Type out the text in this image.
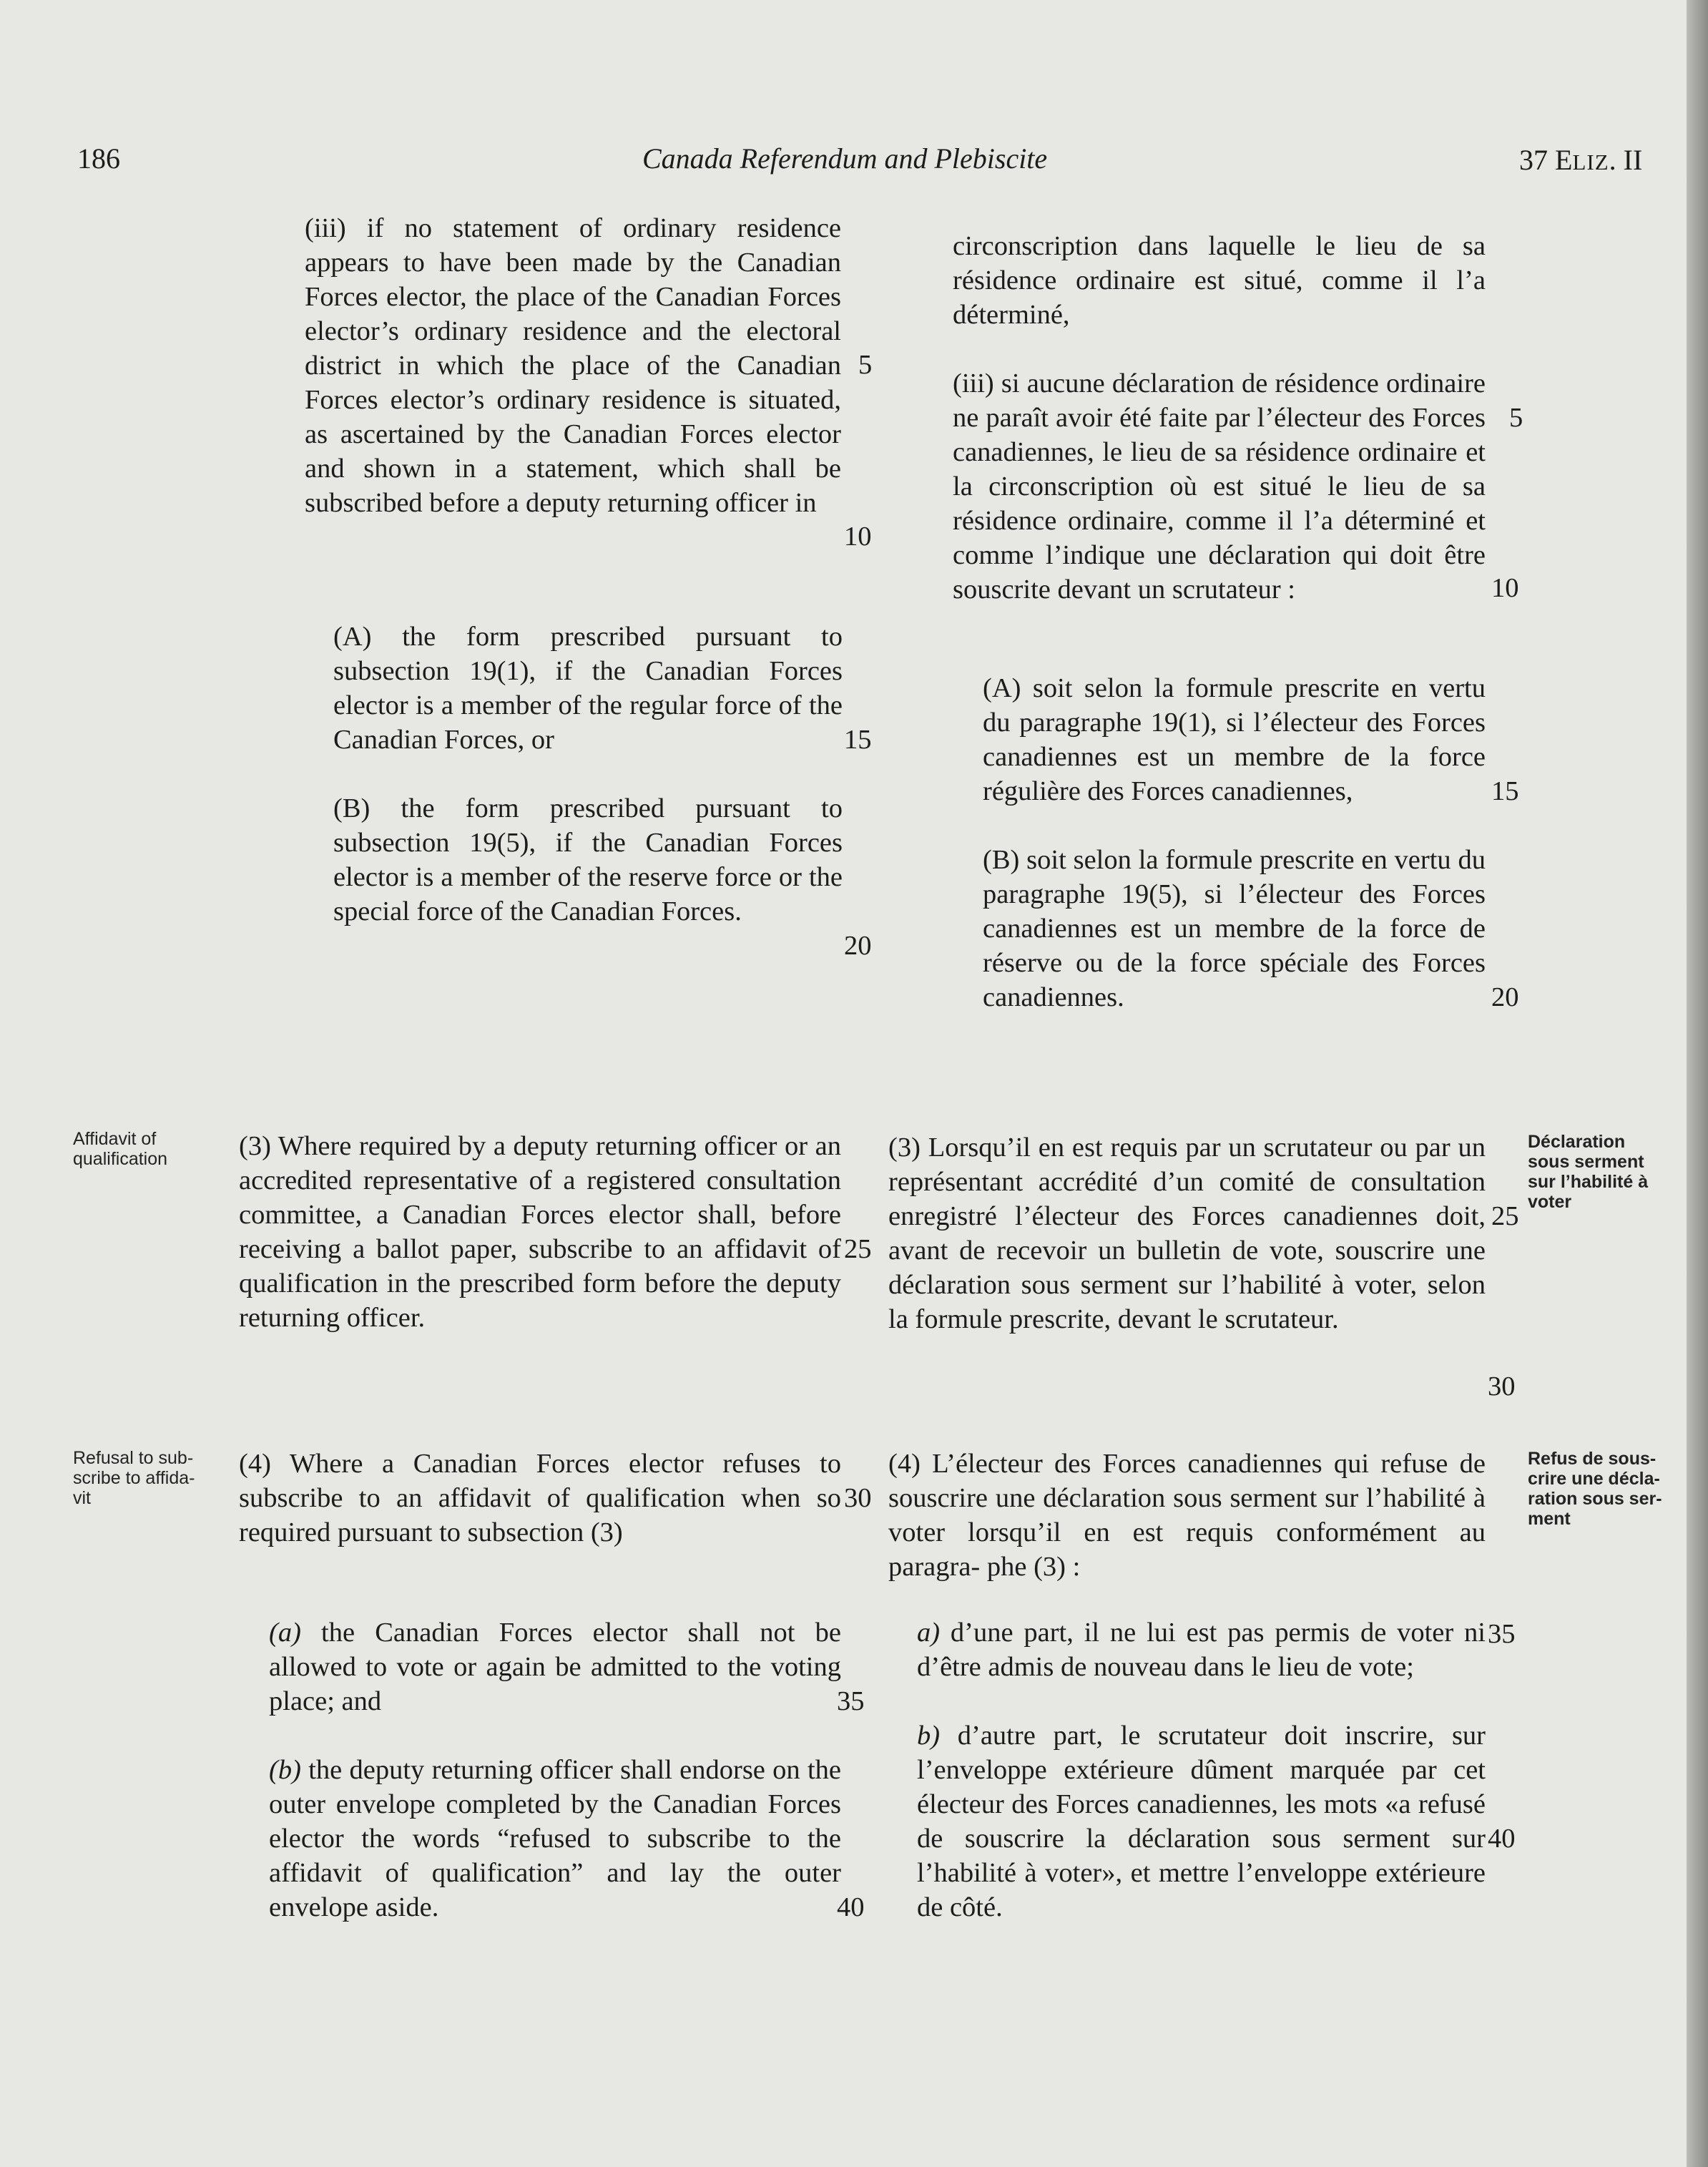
186	Canada Referendum and Plebiscite	37 ELIZ. II

(iii) if no statement of ordinary residence appears to have been made by the Canadian Forces elector, the place of the Canadian Forces elector’s ordinary residence and the electoral district in which the place of the Canadian Forces elector’s ordinary residence is situated, as ascertained by the Canadian Forces elector and shown in a statement, which shall be subscribed before a deputy returning officer in

(A) the form prescribed pursuant to subsection 19(1), if the Canadian Forces elector is a member of the regular force of the Canadian Forces, or

(B) the form prescribed pursuant to subsection 19(5), if the Canadian Forces elector is a member of the reserve force or the special force of the Canadian Forces.

circonscription dans laquelle le lieu de sa résidence ordinaire est situé, comme il l’a déterminé,

(iii) si aucune déclaration de résidence ordinaire ne paraît avoir été faite par l’électeur des Forces canadiennes, le lieu de sa résidence ordinaire et la circonscription où est situé le lieu de sa résidence ordinaire, comme il l’a déterminé et comme l’indique une déclaration qui doit être souscrite devant un scrutateur :

(A) soit selon la formule prescrite en vertu du paragraphe 19(1), si l’électeur des Forces canadiennes est un membre de la force régulière des Forces canadiennes,

(B) soit selon la formule prescrite en vertu du paragraphe 19(5), si l’électeur des Forces canadiennes est un membre de la force de réserve ou de la force spéciale des Forces canadiennes.

Affidavit of
qualification
Refusal to sub-
scribe to affida-
vit
Déclaration
sous serment
sur l’habilité à
voter
Refus de sous-
crire une décla-
ration sous ser-
ment

(3) Where required by a deputy returning officer or an accredited representative of a registered consultation committee, a Canadian Forces elector shall, before receiving a ballot paper, subscribe to an affidavit of qualification in the prescribed form before the deputy returning officer.

(3) Lorsqu’il en est requis par un scrutateur ou par un représentant accrédité d’un comité de consultation enregistré l’électeur des Forces canadiennes doit, avant de recevoir un bulletin de vote, souscrire une déclaration sous serment sur l’habilité à voter, selon la formule prescrite, devant le scrutateur.

(4) Where a Canadian Forces elector refuses to subscribe to an affidavit of qualification when so required pursuant to subsection (3)

(a) the Canadian Forces elector shall not be allowed to vote or again be admitted to the voting place; and

(b) the deputy returning officer shall endorse on the outer envelope completed by the Canadian Forces elector the words “refused to subscribe to the affidavit of qualification” and lay the outer envelope aside.

(4) L’électeur des Forces canadiennes qui refuse de souscrire une déclaration sous serment sur l’habilité à voter lorsqu’il en est requis conformément au paragra- phe (3) :

a) d’une part, il ne lui est pas permis de voter ni d’être admis de nouveau dans le lieu de vote;

b) d’autre part, le scrutateur doit inscrire, sur l’enveloppe extérieure dûment marquée par cet électeur des Forces canadiennes, les mots «a refusé de souscrire la déclaration sous serment sur l’habilité à voter», et mettre l’enveloppe extérieure de côté.

5
10
15
20
25
30
35
40
5
10
15
20
25
30
35
40
